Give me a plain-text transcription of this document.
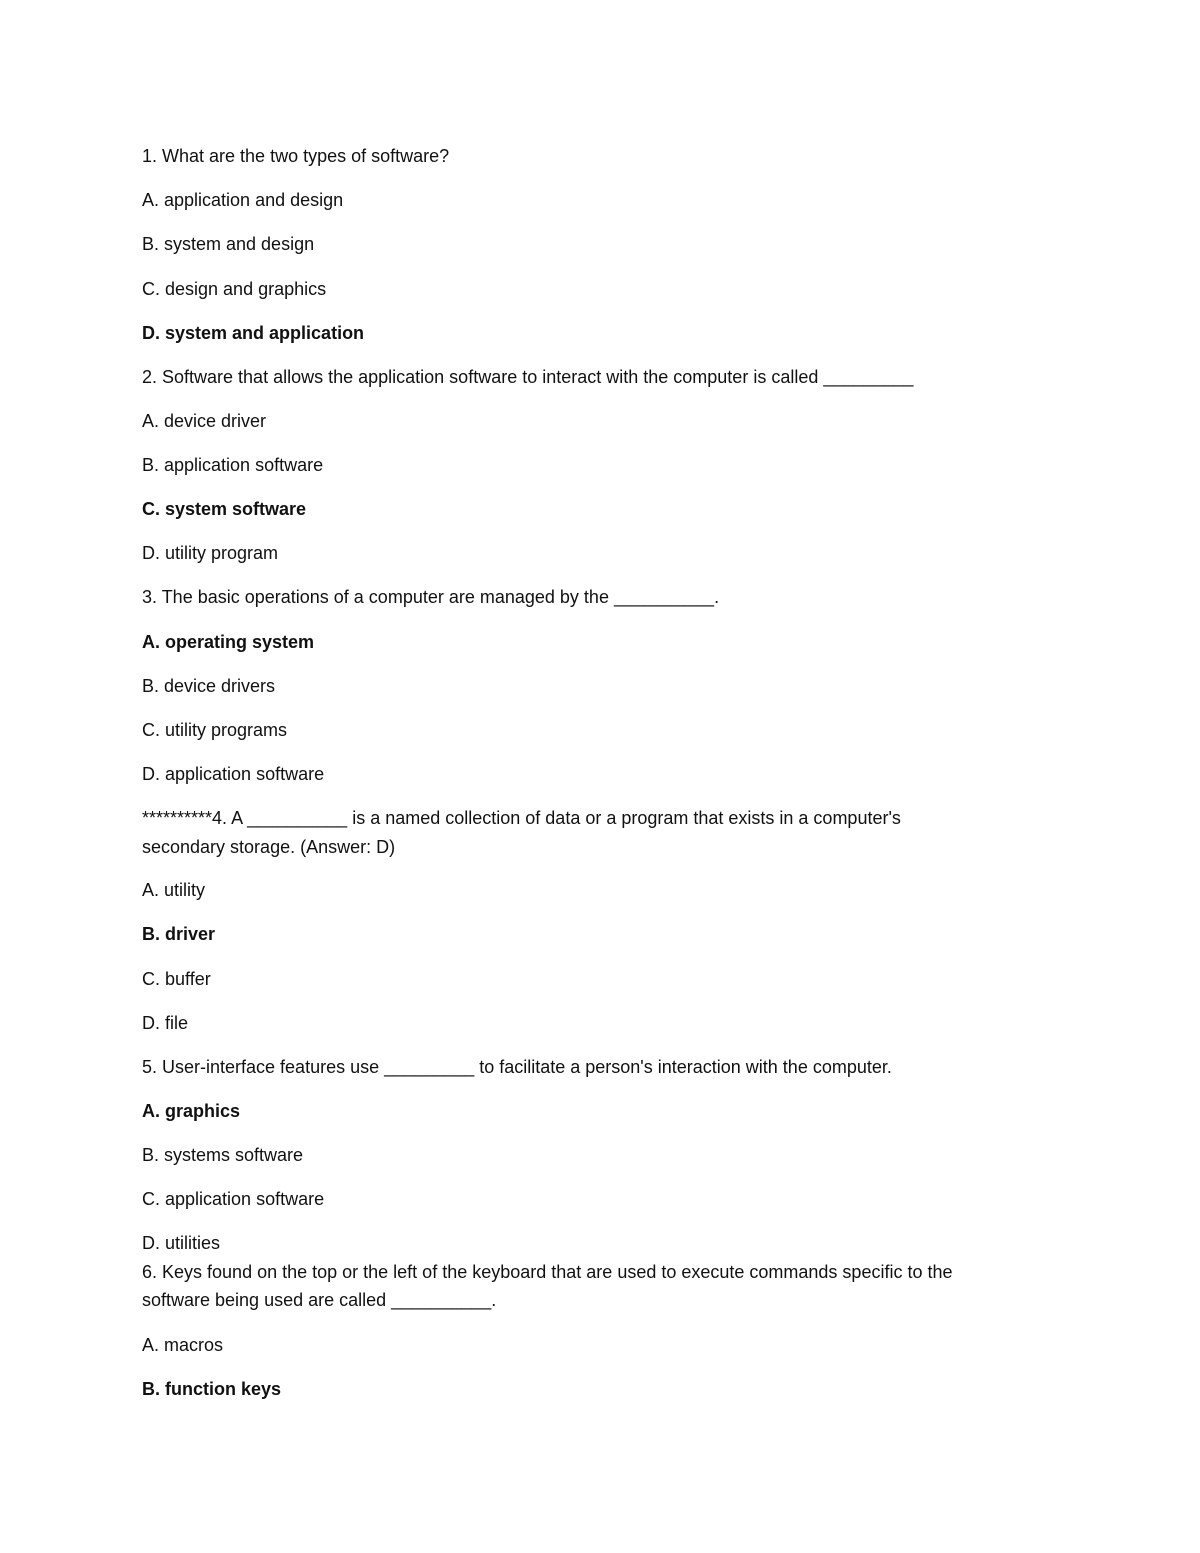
1. What are the two types of software?
A. application and design
B. system and design
C. design and graphics
D. system and application
2. Software that allows the application software to interact with the computer is called _________
A. device driver
B. application software
C. system software
D. utility program
3. The basic operations of a computer are managed by the __________.
A. operating system
B. device drivers
C. utility programs
D. application software
**********4. A __________ is a named collection of data or a program that exists in a computer's
secondary storage. (Answer: D)
A. utility
B. driver
C. buffer
D. file
5. User-interface features use _________ to facilitate a person's interaction with the computer.
A. graphics
B. systems software
C. application software
D. utilities
6. Keys found on the top or the left of the keyboard that are used to execute commands specific to the
software being used are called __________.
A. macros
B. function keys
